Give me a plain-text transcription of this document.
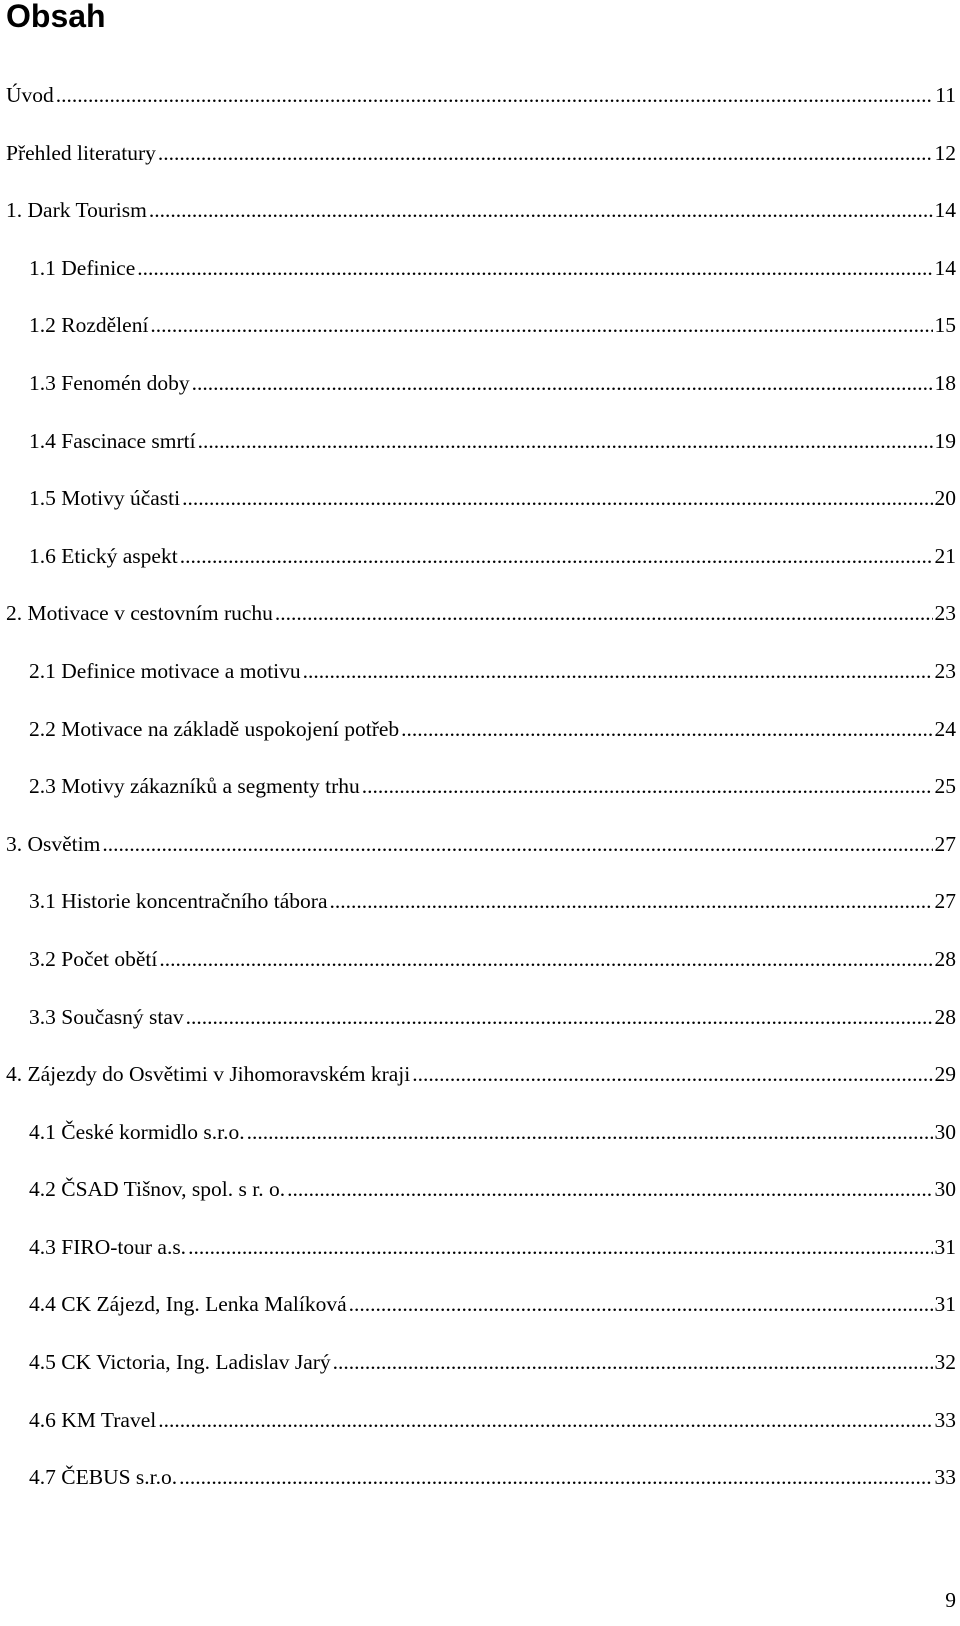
Obsah
Úvod .....	11
Přehled literatury .....	12
1. Dark Tourism .....	14
1.1 Definice .....	14
1.2 Rozdělení .....	15
1.3 Fenomén doby .....	18
1.4 Fascinace smrtí .....	19
1.5 Motivy účasti .....	20
1.6 Etický aspekt .....	21
2. Motivace v cestovním ruchu .....	23
2.1 Definice motivace a motivu .....	23
2.2 Motivace na základě uspokojení potřeb .....	24
2.3 Motivy zákazníků a segmenty trhu .....	25
3. Osvětim .....	27
3.1 Historie koncentračního tábora .....	27
3.2 Počet obětí .....	28
3.3 Současný stav .....	28
4. Zájezdy do Osvětimi v Jihomoravském kraji .....	29
4.1 České kormidlo s.r.o. .....	30
4.2 ČSAD Tišnov, spol. s r. o. .....	30
4.3 FIRO-tour a.s. .....	31
4.4 CK Zájezd, Ing. Lenka Malíková .....	31
4.5 CK Victoria, Ing. Ladislav Jarý .....	32
4.6 KM Travel .....	33
4.7 ČEBUS s.r.o. .....	33
9
